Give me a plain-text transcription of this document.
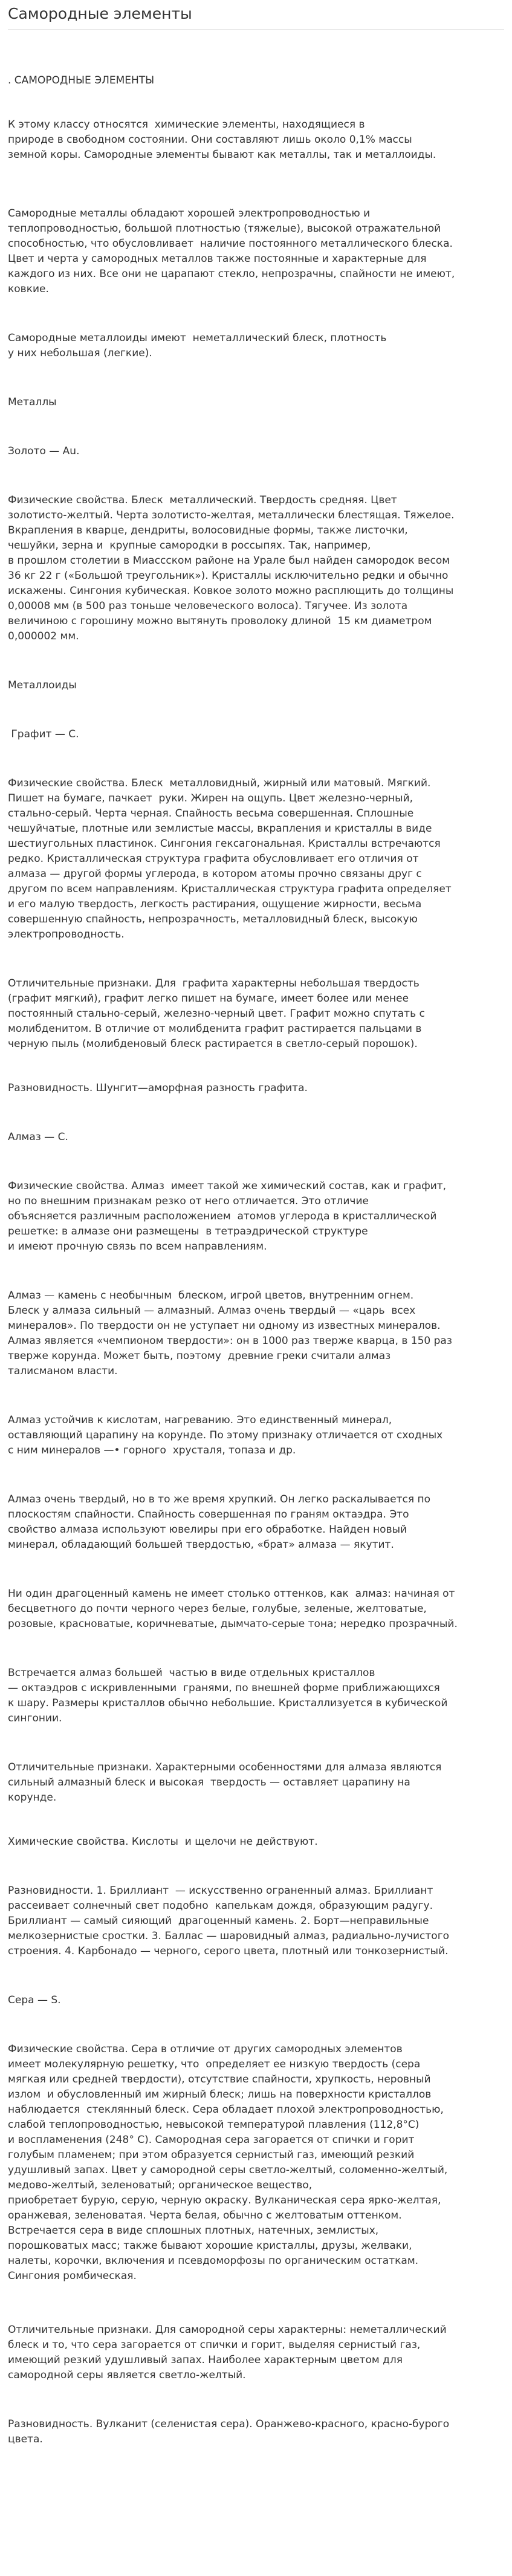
Самородные элементы

. САМОРОДНЫЕ ЭЛЕМЕНТЫ

К этому классу относятся  химические элементы, находящиеся в
природе в свободном состоянии. Они составляют лишь около 0,1% массы
земной коры. Самородные элементы бывают как металлы, так и металлоиды.

Самородные металлы обладают хорошей электропроводностью и
теплопроводностью, большой плотностью (тяжелые), высокой отражательной
способностью, что обусловливает  наличие постоянного металлического блеска.
Цвет и черта у самородных металлов также постоянные и характерные для
каждого из них. Все они не царапают стекло, непрозрачны, спайности не имеют,
ковкие.

Самородные металлоиды имеют  неметаллический блеск, плотность
у них небольшая (легкие).

Металлы

Золото — Au.

Физические свойства. Блеск  металлический. Твердость средняя. Цвет
золотисто-желтый. Черта золотисто-желтая, металлически блестящая. Тяжелое.
Вкрапления в кварце, дендриты, волосовидные формы, также листочки,
чешуйки, зерна и  крупные самородки в россыпях. Так, например,
в прошлом столетии в Миассском районе на Урале был найден самородок весом
36 кг 22 г («Большой треугольник»). Кристаллы исключительно редки и обычно
искажены. Сингония кубическая. Ковкое золото можно расплющить до толщины
0,00008 мм (в 500 раз тоньше человеческого волоса). Тягучее. Из золота
величиною с горошину можно вытянуть проволоку длиной  15 км диаметром
0,000002 мм.

Металлоиды

Графит — С.

Физические свойства. Блеск  металловидный, жирный или матовый. Мягкий.
Пишет на бумаге, пачкает  руки. Жирен на ощупь. Цвет железно-черный,
стально-серый. Черта черная. Спайность весьма совершенная. Сплошные
чешуйчатые, плотные или землистые массы, вкрапления и кристаллы в виде
шестиугольных пластинок. Сингония гексагональная. Кристаллы встречаются
редко. Кристаллическая структура графита обусловливает его отличия от
алмаза — другой формы углерода, в котором атомы прочно связаны друг с
другом по всем направлениям. Кристаллическая структура графита определяет
и его малую твердость, легкость растирания, ощущение жирности, весьма
совершенную спайность, непрозрачность, металловидный блеск, высокую
электропроводность.

Отличительные признаки. Для  графита характерны небольшая твердость
(графит мягкий), графит легко пишет на бумаге, имеет более или менее
постоянный стально-серый, железно-черный цвет. Графит можно спутать с
молибденитом. В отличие от молибденита графит растирается пальцами в
черную пыль (молибденовый блеск растирается в светло-серый порошок).

Разновидность. Шунгит—аморфная разность графита.

Алмаз — С.

Физические свойства. Алмаз  имеет такой же химический состав, как и графит,
но по внешним признакам резко от него отличается. Это отличие
объясняется различным расположением  атомов углерода в кристаллической
решетке: в алмазе они размещены  в тетраэдрической структуре
и имеют прочную связь по всем направлениям.

Алмаз — камень с необычным  блеском, игрой цветов, внутренним огнем.
Блеск у алмаза сильный — алмазный. Алмаз очень твердый — «царь  всех
минералов». По твердости он не уступает ни одному из известных минералов.
Алмаз является «чемпионом твердости»: он в 1000 раз тверже кварца, в 150 раз
тверже корунда. Может быть, поэтому  древние греки считали алмаз
талисманом власти.

Алмаз устойчив к кислотам, нагреванию. Это единственный минерал,
оставляющий царапину на корунде. По этому признаку отличается от сходных
с ним минералов —• горного  хрусталя, топаза и др.

Алмаз очень твердый, но в то же время хрупкий. Он легко раскалывается по
плоскостям спайности. Спайность совершенная по граням октаэдра. Это
свойство алмаза используют ювелиры при его обработке. Найден новый
минерал, обладающий большей твердостью, «брат» алмаза — якутит.

Ни один драгоценный камень не имеет столько оттенков, как  алмаз: начиная от
бесцветного до почти черного через белые, голубые, зеленые, желтоватые,
розовые, красноватые, коричневатые, дымчато-серые тона; нередко прозрачный.

Встречается алмаз большей  частью в виде отдельных кристаллов
— октаэдров с искривленными  гранями, по внешней форме приближающихся
к шару. Размеры кристаллов обычно небольшие. Кристаллизуется в кубической
сингонии.

Отличительные признаки. Характерными особенностями для алмаза являются
сильный алмазный блеск и высокая  твердость — оставляет царапину на
корунде.

Химические свойства. Кислоты  и щелочи не действуют.

Разновидности. 1. Бриллиант  — искусственно ограненный алмаз. Бриллиант
рассеивает солнечный свет подобно  капелькам дождя, образующим радугу.
Бриллиант — самый сияющий  драгоценный камень. 2. Борт—неправильные
мелкозернистые сростки. 3. Баллас — шаровидный алмаз, радиально-лучистого
строения. 4. Карбонадо — черного, серого цвета, плотный или тонкозернистый.

Сера — S.

Физические свойства. Сера в отличие от других самородных элементов
имеет молекулярную решетку, что  определяет ее низкую твердость (сера
мягкая или средней твердости), отсутствие спайности, хрупкость, неровный
излом  и обусловленный им жирный блеск; лишь на поверхности кристаллов
наблюдается  стеклянный блеск. Сера обладает плохой электропроводностью,
слабой теплопроводностью, невысокой температурой плавления (112,8°С)
и воспламенения (248° С). Самородная сера загорается от спички и горит
голубым пламенем; при этом образуется сернистый газ, имеющий резкий
удушливый запах. Цвет у самородной серы светло-желтый, соломенно-желтый,
медово-желтый, зеленоватый; органическое вещество,
приобретает бурую, серую, черную окраску. Вулканическая сера ярко-желтая,
оранжевая, зеленоватая. Черта белая, обычно с желтоватым оттенком.
Встречается сера в виде сплошных плотных, натечных, землистых,
порошковатых масс; также бывают хорошие кристаллы, друзы, желваки,
налеты, корочки, включения и псевдоморфозы по органическим остаткам.
Сингония ромбическая.

Отличительные признаки. Для самородной серы характерны: неметаллический
блеск и то, что сера загорается от спички и горит, выделяя сернистый газ,
имеющий резкий удушливый запах. Наиболее характерным цветом для
самородной серы является светло-желтый.

Разновидность. Вулканит (селенистая сера). Оранжево-красного, красно-бурого
цвета.
